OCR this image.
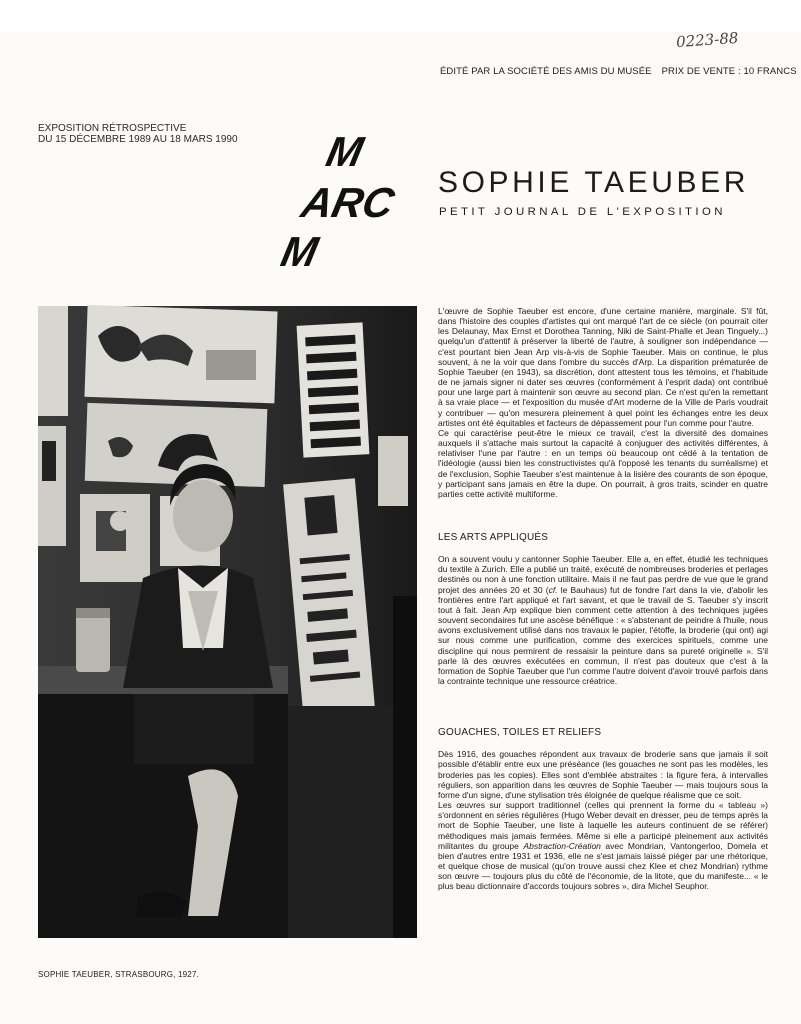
0223-88
ÉDITÉ PAR LA SOCIÉTÉ DES AMIS DU MUSÉE PRIX DE VENTE : 10 FRANCS
EXPOSITION RÉTROSPECTIVE
DU 15 DÉCEMBRE 1989 AU 18 MARS 1990	M
ARC
M
SOPHIE TAEUBER
PETIT JOURNAL DE L'EXPOSITION
SOPHIE TAEUBER, STRASBOURG, 1927.

L'œuvre de Sophie Taeuber est encore, d'une certaine manière, marginale. S'il fût, dans l'histoire des couples d'artistes qui ont marqué l'art de ce siècle (on pourrait citer les Delaunay, Max Ernst et Dorothea Tanning, Niki de Saint-Phalle et Jean Tinguely...) quelqu'un d'attentif à préserver la liberté de l'autre, à souligner son indépendance — c'est pourtant bien Jean Arp vis-à-vis de Sophie Taeuber. Mais on continue, le plus souvent, à ne la voir que dans l'ombre du succès d'Arp. La disparition prématurée de Sophie Taeuber (en 1943), sa discrétion, dont attestent tous les témoins, et l'habitude de ne jamais signer ni dater ses œuvres (conformément à l'esprit dada) ont contribué pour une large part à maintenir son œuvre au second plan. Ce n'est qu'en la remettant à sa vraie place — et l'exposition du musée d'Art moderne de la Ville de Paris voudrait y contribuer — qu'on mesurera pleinement à quel point les échanges entre les deux artistes ont été équitables et facteurs de dépassement pour l'un comme pour l'autre.

Ce qui caractérise peut-être le mieux ce travail, c'est la diversité des domaines auxquels il s'attache mais surtout la capacité à conjuguer des activités différentes, à relativiser l'une par l'autre : en un temps où beaucoup ont cédé à la tentation de l'idéologie (aussi bien les constructivistes qu'à l'opposé les tenants du surréalisme) et de l'exclusion, Sophie Taeuber s'est maintenue à la lisière des courants de son époque, y participant sans jamais en être la dupe. On pourrait, à gros traits, scinder en quatre parties cette activité multiforme.

LES ARTS APPLIQUÉS

On a souvent voulu y cantonner Sophie Taeuber. Elle a, en effet, étudié les techniques du textile à Zurich. Elle a publié un traité, exécuté de nombreuses broderies et perlages destinés ou non à une fonction utilitaire. Mais il ne faut pas perdre de vue que le grand projet des années 20 et 30 (cf. le Bauhaus) fut de fondre l'art dans la vie, d'abolir les frontières entre l'art appliqué et l'art savant, et que le travail de S. Taeuber s'y inscrit tout à fait. Jean Arp explique bien comment cette attention à des techniques jugées souvent secondaires fut une ascèse bénéfique : « s'abstenant de peindre à l'huile, nous avons exclusivement utilisé dans nos travaux le papier, l'étoffe, la broderie (qui ont) agi sur nous comme une purification, comme des exercices spirituels, comme une discipline qui nous permirent de ressaisir la peinture dans sa pureté originelle ». S'il parle là des œuvres exécutées en commun, il n'est pas douteux que c'est à la formation de Sophie Taeuber que l'un comme l'autre doivent d'avoir trouvé parfois dans la contrainte technique une ressource créatrice.

GOUACHES, TOILES ET RELIEFS

Dès 1916, des gouaches répondent aux travaux de broderie sans que jamais il soit possible d'établir entre eux une préséance (les gouaches ne sont pas les modèles, les broderies pas les copies). Elles sont d'emblée abstraites : la figure fera, à intervalles réguliers, son apparition dans les œuvres de Sophie Taeuber — mais toujours sous la forme d'un signe, d'une stylisation très éloignée de quelque réalisme que ce soit.

Les œuvres sur support traditionnel (celles qui prennent la forme du « tableau ») s'ordonnent en séries régulières (Hugo Weber devait en dresser, peu de temps après la mort de Sophie Taeuber, une liste à laquelle les auteurs continuent de se référer) méthodiques mais jamais fermées. Même si elle a participé pleinement aux activités militantes du groupe Abstraction-Création avec Mondrian, Vantongerloo, Domela et bien d'autres entre 1931 et 1936, elle ne s'est jamais laissé piéger par une rhétorique, et quelque chose de musical (qu'on trouve aussi chez Klee et chez Mondrian) rythme son œuvre — toujours plus du côté de l'économie, de la litote, que du manifeste... « le plus beau dictionnaire d'accords toujours sobres », dira Michel Seuphor.
